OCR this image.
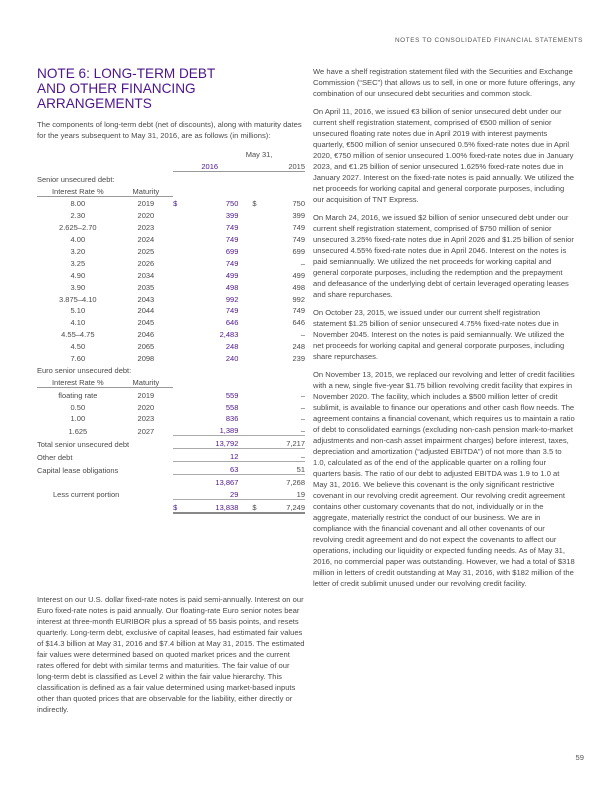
NOTES TO CONSOLIDATED FINANCIAL STATEMENTS
NOTE 6: LONG-TERM DEBT
AND OTHER FINANCING
ARRANGEMENTS

The components of long-term debt (net of discounts), along with maturity dates for the years subsequent to May 31, 2016, are as follows (in millions):

		May 31,			
		2016		2015	
Senior unsecured debt:					
Interest Rate %	Maturity				
8.00	2019	$	750	$	750
2.30	2020		399		399
2.625–2.70	2023		749		749
4.00	2024		749		749
3.20	2025		699		699
3.25	2026		749		–
4.90	2034		499		499
3.90	2035		498		498
3.875–4.10	2043		992		992
5.10	2044		749		749
4.10	2045		646		646
4.55–4.75	2046		2,483		–
4.50	2065		248		248
7.60	2098		240		239
Euro senior unsecured debt:					
Interest Rate %	Maturity				
floating rate	2019		559		–
0.50	2020		558		–
1.00	2023		836		–
1.625	2027		1,389		–
Total senior unsecured debt			13,792		7,217
Other debt			12		–
Capital lease obligations			63		51
			13,867		7,268
Less current portion			29		19
		$	13,838	$	7,249

Interest on our U.S. dollar fixed-rate notes is paid semi-annually. Interest on our Euro fixed-rate notes is paid annually. Our floating-rate Euro senior notes bear interest at three-month EURIBOR plus a spread of 55 basis points, and resets quarterly. Long-term debt, exclusive of capital leases, had estimated fair values of $14.3 billion at May 31, 2016 and $7.4 billion at May 31, 2015. The estimated fair values were determined based on quoted market prices and the current rates offered for debt with similar terms and maturities. The fair value of our long-term debt is classified as Level 2 within the fair value hierarchy. This classification is defined as a fair value determined using market-based inputs other than quoted prices that are observable for the liability, either directly or indirectly.

We have a shelf registration statement filed with the Securities and Exchange Commission (“SEC”) that allows us to sell, in one or more future offerings, any combination of our unsecured debt securities and common stock.

On April 11, 2016, we issued €3 billion of senior unsecured debt under our current shelf registration statement, comprised of €500 million of senior unsecured floating rate notes due in April 2019 with interest payments quarterly, €500 million of senior unsecured 0.5% fixed-rate notes due in April 2020, €750 million of senior unsecured 1.00% fixed-rate notes due in January 2023, and €1.25 billion of senior unsecured 1.625% fixed-rate notes due in January 2027. Interest on the fixed-rate notes is paid annually. We utilized the net proceeds for working capital and general corporate purposes, including our acquisition of TNT Express.

On March 24, 2016, we issued $2 billion of senior unsecured debt under our current shelf registration statement, comprised of $750 million of senior unsecured 3.25% fixed-rate notes due in April 2026 and $1.25 billion of senior unsecured 4.55% fixed-rate notes due in April 2046. Interest on the notes is paid semiannually. We utilized the net proceeds for working capital and general corporate purposes, including the redemption and the prepayment and defeasance of the underlying debt of certain leveraged operating leases and share repurchases.

On October 23, 2015, we issued under our current shelf registration statement $1.25 billion of senior unsecured 4.75% fixed-rate notes due in November 2045. Interest on the notes is paid semiannually. We utilized the net proceeds for working capital and general corporate purposes, including share repurchases.

On November 13, 2015, we replaced our revolving and letter of credit facilities with a new, single five-year $1.75 billion revolving credit facility that expires in November 2020. The facility, which includes a $500 million letter of credit sublimit, is available to finance our operations and other cash flow needs. The agreement contains a financial covenant, which requires us to maintain a ratio of debt to consolidated earnings (excluding non-cash pension mark-to-market adjustments and non-cash asset impairment charges) before interest, taxes, depreciation and amortization (“adjusted EBITDA”) of not more than 3.5 to 1.0, calculated as of the end of the applicable quarter on a rolling four quarters basis. The ratio of our debt to adjusted EBITDA was 1.9 to 1.0 at May 31, 2016. We believe this covenant is the only significant restrictive covenant in our revolving credit agreement. Our revolving credit agreement contains other customary covenants that do not, individually or in the aggregate, materially restrict the conduct of our business. We are in compliance with the financial covenant and all other covenants of our revolving credit agreement and do not expect the covenants to affect our operations, including our liquidity or expected funding needs. As of May 31, 2016, no commercial paper was outstanding. However, we had a total of $318 million in letters of credit outstanding at May 31, 2016, with $182 million of the letter of credit sublimit unused under our revolving credit facility.

59
